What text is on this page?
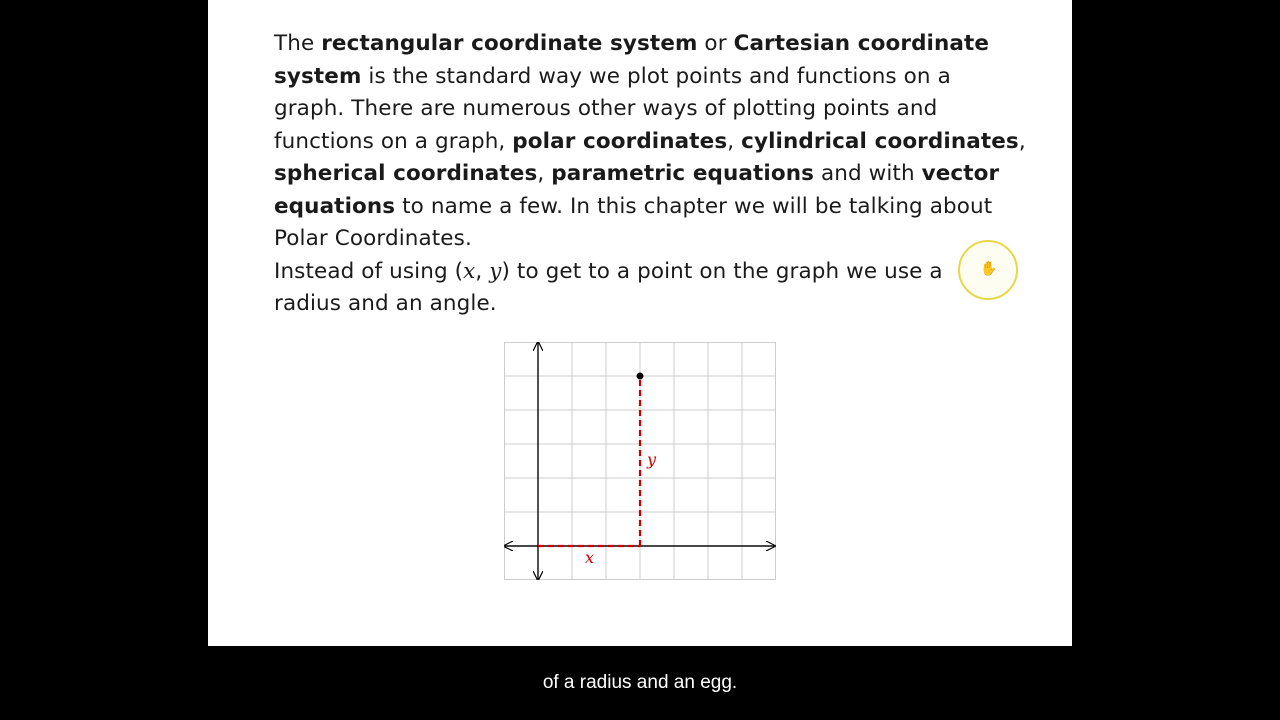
The rectangular coordinate system or Cartesian coordinate
system is the standard way we plot points and functions on a
graph. There are numerous other ways of plotting points and
functions on a graph, polar coordinates, cylindrical coordinates,
spherical coordinates, parametric equations and with vector
equations to name a few. In this chapter we will be talking about
Polar Coordinates.
Instead of using (x, y) to get to a point on the graph we use a
radius and an angle.
x
y
✋
of a radius and an egg.
